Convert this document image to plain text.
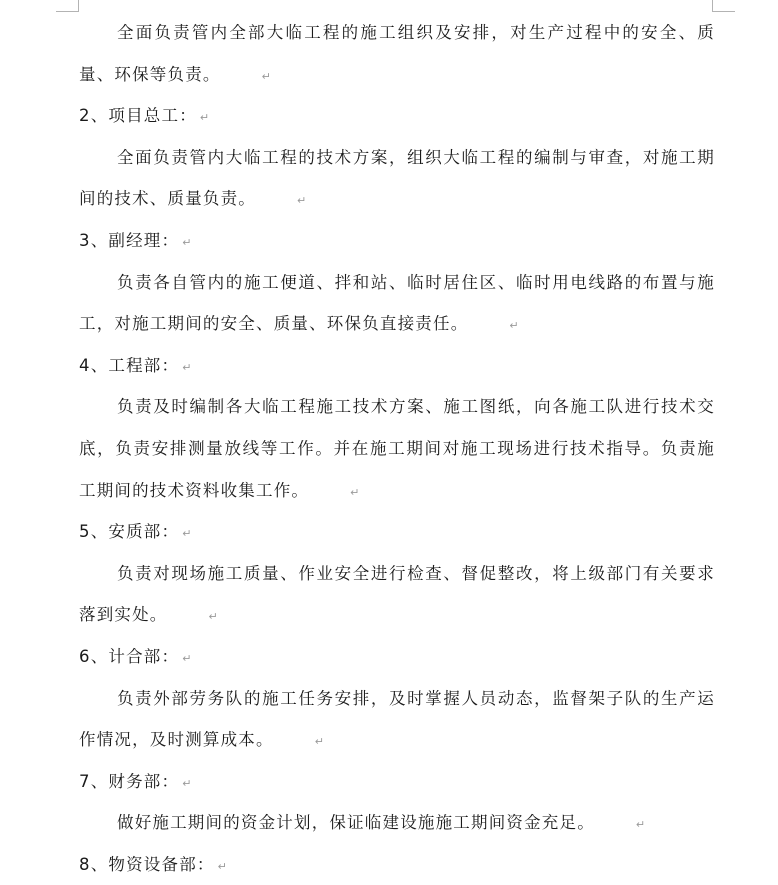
全面负责管内全部大临工程的施工组织及安排，对生产过程中的安全、质量、环保等负责。	↵

2、项目总工： ↵

全面负责管内大临工程的技术方案，组织大临工程的编制与审查，对施工期间的技术、质量负责。	↵

3、副经理： ↵

负责各自管内的施工便道、拌和站、临时居住区、临时用电线路的布置与施工，对施工期间的安全、质量、环保负直接责任。	↵

4、工程部： ↵

负责及时编制各大临工程施工技术方案、施工图纸，向各施工队进行技术交底，负责安排测量放线等工作。并在施工期间对施工现场进行技术指导。负责施工期间的技术资料收集工作。	↵

5、安质部： ↵

负责对现场施工质量、作业安全进行检查、督促整改，将上级部门有关要求落到实处。	↵

6、计合部： ↵

负责外部劳务队的施工任务安排，及时掌握人员动态，监督架子队的生产运作情况，及时测算成本。	↵

7、财务部： ↵

做好施工期间的资金计划，保证临建设施施工期间资金充足。	↵

8、物资设备部： ↵
